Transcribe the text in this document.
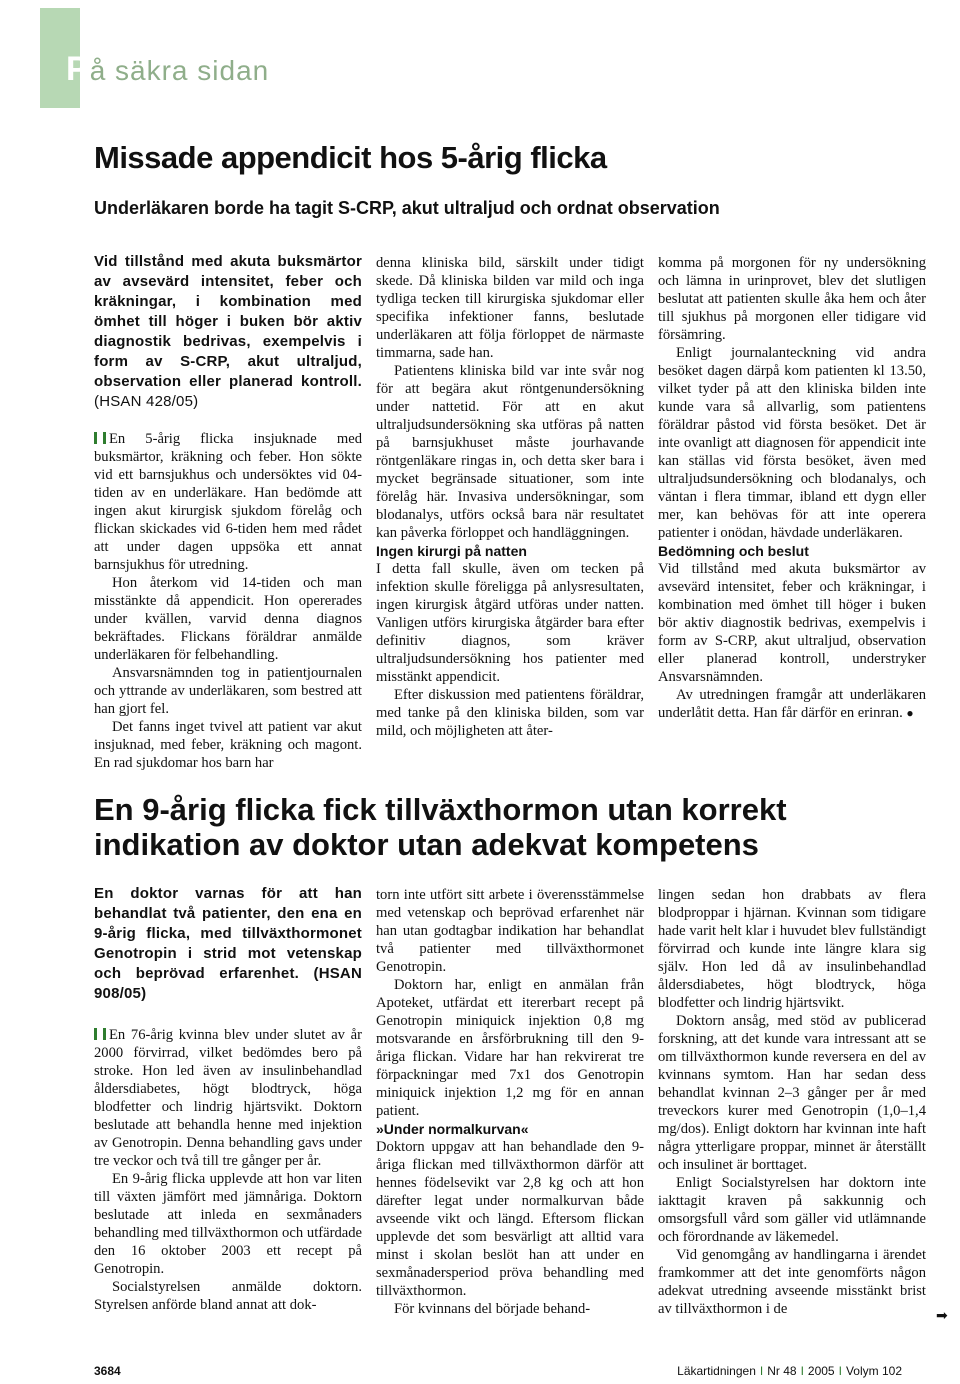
På säkra sidan
Missade appendicit hos 5-årig flicka
Underläkaren borde ha tagit S-CRP, akut ultraljud och ordnat observation

Vid tillstånd med akuta buksmärtor av avsevärd intensitet, feber och kräkningar, i kombination med ömhet till höger i buken bör aktiv diagnostik bedrivas, exempelvis i form av S-CRP, akut ultraljud, observation eller planerad kontroll. (HSAN 428/05)

En 5-årig flicka insjuknade med buksmärtor, kräkning och feber. Hon sökte vid ett barnsjukhus och undersöktes vid 04-tiden av en underläkare. Han bedömde att ingen akut kirurgisk sjukdom förelåg och flickan skickades vid 6-tiden hem med rådet att under dagen uppsöka ett annat barnsjukhus för utredning.

Hon återkom vid 14-tiden och man misstänkte då appendicit. Hon opererades under kvällen, varvid denna diagnos bekräftades. Flickans föräldrar anmälde underläkaren för felbehandling.

Ansvarsnämnden tog in patientjournalen och yttrande av underläkaren, som bestred att han gjort fel.

Det fanns inget tvivel att patient var akut insjuknad, med feber, kräkning och magont. En rad sjukdomar hos barn har

denna kliniska bild, särskilt under tidigt skede. Då kliniska bilden var mild och inga tydliga tecken till kirurgiska sjukdomar eller specifika infektioner fanns, beslutade underläkaren att följa förloppet de närmaste timmarna, sade han.

Patientens kliniska bild var inte svår nog för att begära akut röntgenundersökning under nattetid. För att en akut ultraljudsundersökning ska utföras på natten på barnsjukhuset måste jourhavande röntgenläkare ringas in, och detta sker bara i mycket begränsade situationer, som inte förelåg här. Invasiva undersökningar, som blodanalys, utförs också bara när resultatet kan påverka förloppet och handläggningen.

Ingen kirurgi på natten

I detta fall skulle, även om tecken på infektion skulle föreligga på anlysresultaten, ingen kirurgisk åtgärd utföras under natten. Vanligen utförs kirurgiska åtgärder bara efter definitiv diagnos, som kräver ultraljudsundersökning hos patienter med misstänkt appendicit.

Efter diskussion med patientens föräldrar, med tanke på den kliniska bilden, som var mild, och möjligheten att åter-

komma på morgonen för ny undersökning och lämna in urinprovet, blev det slutligen beslutat att patienten skulle åka hem och åter till sjukhus på morgonen eller tidigare vid försämring.

Enligt journalanteckning vid andra besöket dagen därpå kom patienten kl 13.50, vilket tyder på att den kliniska bilden inte kunde vara så allvarlig, som patientens föräldrar påstod vid första besöket. Det är inte ovanligt att diagnosen för appendicit inte kan ställas vid första besöket, även med ultraljudsundersökning och blodanalys, och väntan i flera timmar, ibland ett dygn eller mer, kan behövas för att inte operera patienter i onödan, hävdade underläkaren.

Bedömning och beslut

Vid tillstånd med akuta buksmärtor av avsevärd intensitet, feber och kräkningar, i kombination med ömhet till höger i buken bör aktiv diagnostik bedrivas, exempelvis i form av S-CRP, akut ultraljud, observation eller planerad kontroll, understryker Ansvarsnämnden.

Av utredningen framgår att underläkaren underlåtit detta. Han får därför en erinran. ●

En 9-årig flicka fick tillväxthormon utan korrekt indikation av doktor utan adekvat kompetens

En doktor varnas för att han behandlat två patienter, den ena en 9-årig flicka, med tillväxthormonet Genotropin i strid mot vetenskap och beprövad erfarenhet. (HSAN 908/05)

En 76-årig kvinna blev under slutet av år 2000 förvirrad, vilket bedömdes bero på stroke. Hon led även av insulinbehandlad åldersdiabetes, högt blodtryck, höga blodfetter och lindrig hjärtsvikt. Doktorn beslutade att behandla henne med injektion av Genotropin. Denna behandling gavs under tre veckor och två till tre gånger per år.

En 9-årig flicka upplevde att hon var liten till växten jämfört med jämnåriga. Doktorn beslutade att inleda en sexmånaders behandling med tillväxthormon och utfärdade den 16 oktober 2003 ett recept på Genotropin.

Socialstyrelsen anmälde doktorn. Styrelsen anförde bland annat att dok-

torn inte utfört sitt arbete i överensstämmelse med vetenskap och beprövad erfarenhet när han utan godtagbar indikation har behandlat två patienter med tillväxthormonet Genotropin.

Doktorn har, enligt en anmälan från Apoteket, utfärdat ett itererbart recept på Genotropin miniquick injektion 0,8 mg motsvarande en årsförbrukning till den 9-åriga flickan. Vidare har han rekvirerat tre förpackningar med 7x1 dos Genotropin miniquick injektion 1,2 mg för en annan patient.

»Under normalkurvan«

Doktorn uppgav att han behandlade den 9-åriga flickan med tillväxthormon därför att hennes födelsevikt var 2,8 kg och att hon därefter legat under normalkurvan både avseende vikt och längd. Eftersom flickan upplevde det som besvärligt att alltid vara minst i skolan beslöt han att under en sexmånadersperiod pröva behandling med tillväxthormon.

För kvinnans del började behand-

lingen sedan hon drabbats av flera blodproppar i hjärnan. Kvinnan som tidigare hade varit helt klar i huvudet blev fullständigt förvirrad och kunde inte längre klara sig själv. Hon led då av insulinbehandlad åldersdiabetes, högt blodtryck, höga blodfetter och lindrig hjärtsvikt.

Doktorn ansåg, med stöd av publicerad forskning, att det kunde vara intressant att se om tillväxthormon kunde reversera en del av kvinnans symtom. Han har sedan dess behandlat kvinnan 2–3 gånger per år med treveckors kurer med Genotropin (1,0–1,4 mg/dos). Enligt doktorn har kvinnan inte haft några ytterligare proppar, minnet är återställt och insulinet är borttaget.

Enligt Socialstyrelsen har doktorn inte iakttagit kraven på sakkunnig och omsorgsfull vård som gäller vid utlämnande och förordnande av läkemedel.

Vid genomgång av handlingarna i ärendet framkommer att det inte genomförts någon adekvat utredning avseende misstänkt brist av tillväxthormon i de	➡
3684	Läkartidningen I Nr 48 I 2005 I Volym 102
